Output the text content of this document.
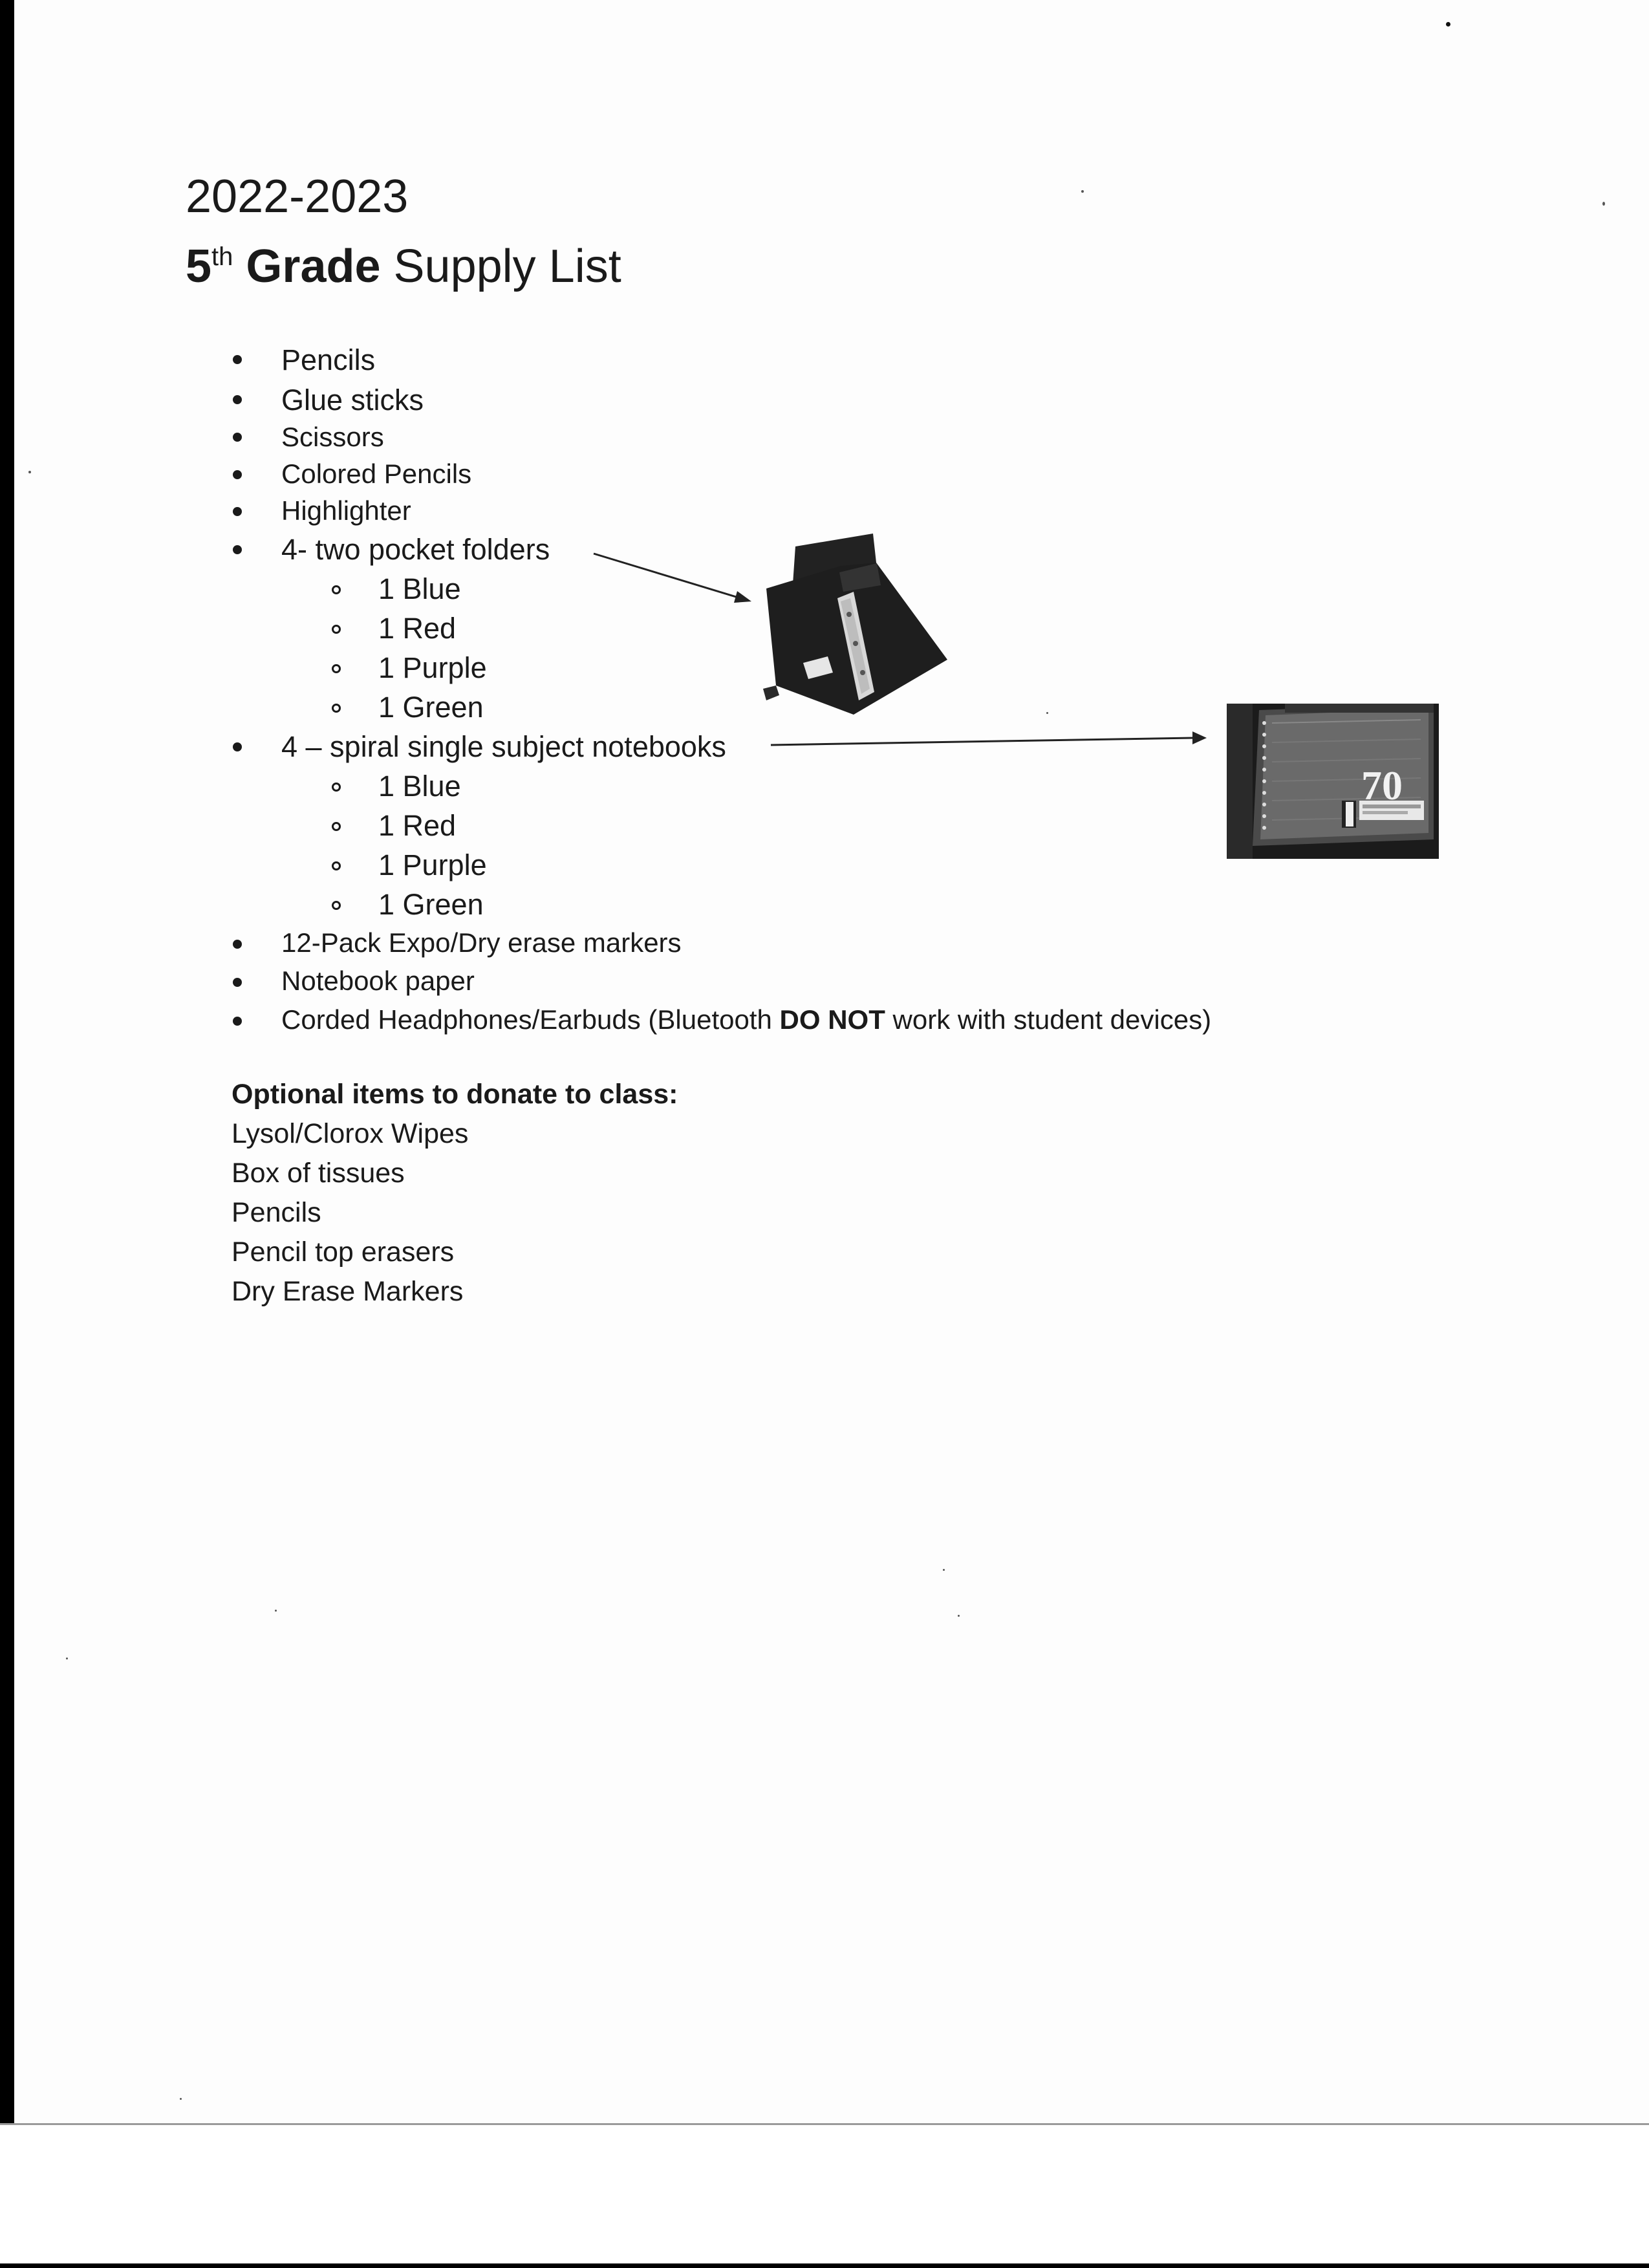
2022-2023
5th Grade Supply List
Pencils
Glue sticks
Scissors
Colored Pencils
Highlighter
4- two pocket folders
1 Blue
1 Red
1 Purple
1 Green
4 – spiral single subject notebooks
1 Blue
1 Red
1 Purple
1 Green
12-Pack Expo/Dry erase markers
Notebook paper
Corded Headphones/Earbuds (Bluetooth DO NOT work with student devices)
Optional items to donate to class:
Lysol/Clorox Wipes
Box of tissues
Pencils
Pencil top erasers
Dry Erase Markers
70
